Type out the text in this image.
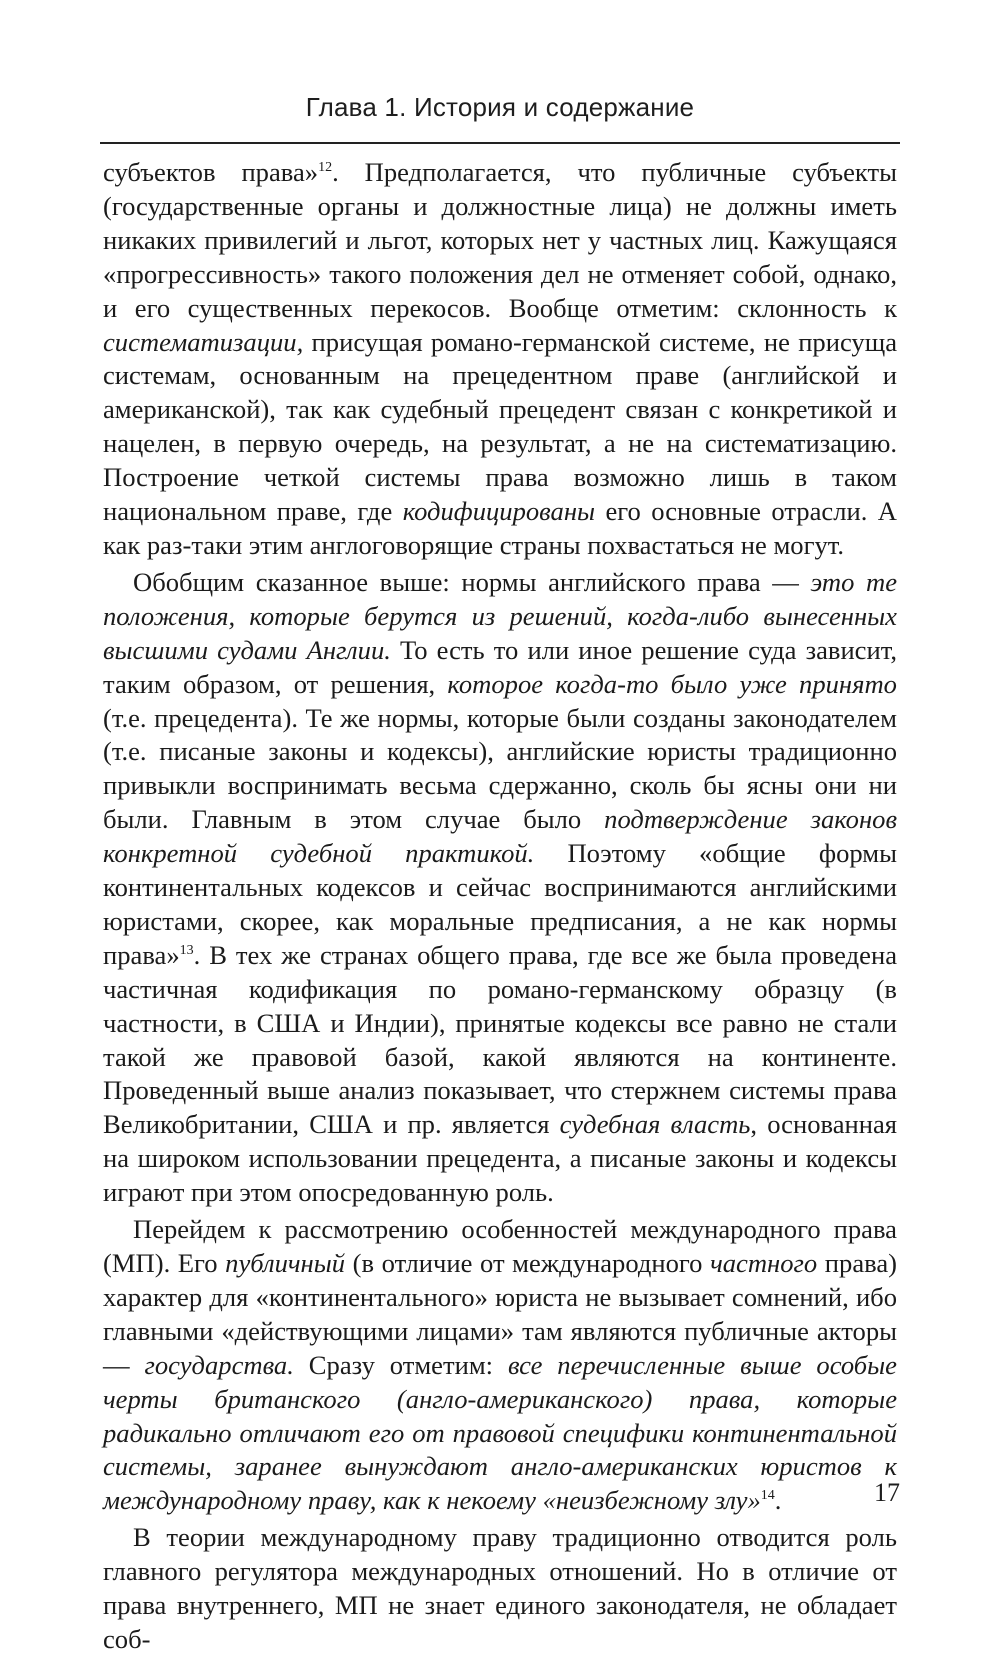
Глава 1. История и содержание

субъектов права»$^{12}$. Предполагается, что публичные субъекты (государственные органы и должностные лица) не должны иметь никаких привилегий и льгот, которых нет у частных лиц. Кажущаяся «прогрессивность» такого положения дел не отменяет собой, однако, и его существенных перекосов. Вообще отметим: склонность к систематизации, присущая романо-германской системе, не присуща системам, основанным на прецедентном праве (английской и американской), так как судебный прецедент связан с конкретикой и нацелен, в первую очередь, на результат, а не на систематизацию. Построение четкой системы права возможно лишь в таком национальном праве, где кодифицированы его основные отрасли. А как раз-таки этим англоговорящие страны похвастаться не могут.

Обобщим сказанное выше: нормы английского права — это те положения, которые берутся из решений, когда-либо вынесенных высшими судами Англии. То есть то или иное решение суда зависит, таким образом, от решения, которое когда-то было уже принято (т.е. прецедента). Те же нормы, которые были созданы законодателем (т.е. писаные законы и кодексы), английские юристы традиционно привыкли воспринимать весьма сдержанно, сколь бы ясны они ни были. Главным в этом случае было подтверждение законов конкретной судебной практикой. Поэтому «общие формы континентальных кодексов и сейчас воспринимаются английскими юристами, скорее, как моральные предписания, а не как нормы права»$^{13}$. В тех же странах общего права, где все же была проведена частичная кодификация по романо-германскому образцу (в частности, в США и Индии), принятые кодексы все равно не стали такой же правовой базой, какой являются на континенте. Проведенный выше анализ показывает, что стержнем системы права Великобритании, США и пр. является судебная власть, основанная на широком использовании прецедента, а писаные законы и кодексы играют при этом опосредованную роль.

Перейдем к рассмотрению особенностей международного права (МП). Его публичный (в отличие от международного частного права) характер для «континентального» юриста не вызывает сомнений, ибо главными «действующими лицами» там являются публичные акторы — государства. Сразу отметим: все перечисленные выше особые черты британского (англо-американского) права, которые радикально отличают его от правовой специфики континентальной системы, заранее вынуждают англо-американских юристов к международному праву, как к некоему «неизбежному злу»$^{14}$.

В теории международному праву традиционно отводится роль главного регулятора международных отношений. Но в отличие от права внутреннего, МП не знает единого законодателя, не обладает соб-

17
